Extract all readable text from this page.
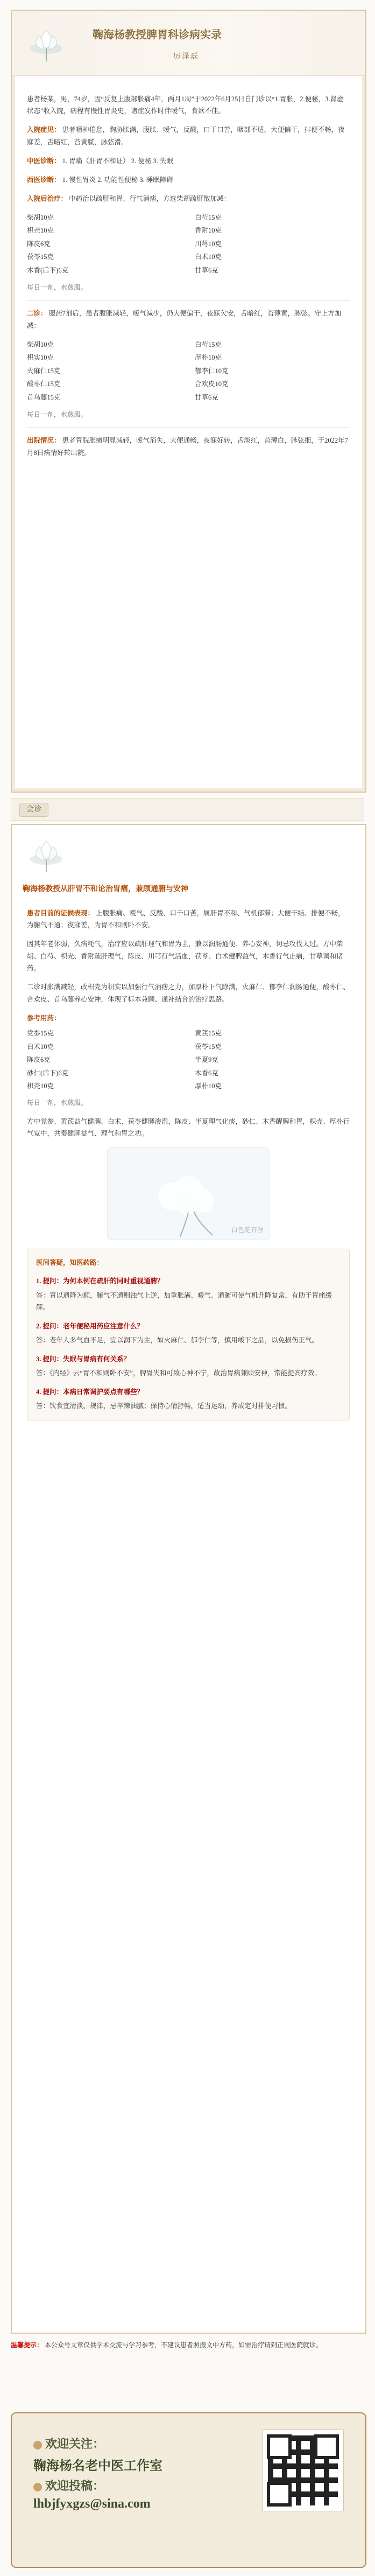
鞠海杨教授脾胃科诊病实录
厉泽磊

患者杨某，男，74岁，因“反复上腹部胀痛4年，两月1周”于2022年6月25日自门诊以“1.胃胀，2.便秘，3.肾虚状态”收入院，病程有慢性胃炎史，诸症发作时伴嗳气，食欲不佳。

入院症见： 患者精神倦怠，胸胁胀满，腹胀、嗳气，反酸，口干口苦，咽部不适，大便偏干，排便不畅，夜寐差，舌暗红，苔黄腻，脉弦滑。

中医诊断： 1. 胃痛（肝胃不和证） 2. 便秘 3. 失眠

西医诊断： 1. 慢性胃炎 2. 功能性便秘 3. 睡眠障碍

入院后治疗： 中药治以疏肝和胃、行气消痞，方选柴胡疏肝散加减：

柴胡10克	白芍15克
枳壳10克	香附10克
陈皮6克	川芎10克
茯苓15克	白术10克
木香(后下)6克	甘草6克
每日一剂，水煎服。

二诊： 服药7剂后，患者腹胀减轻，嗳气减少，仍大便偏干，夜寐欠安，舌暗红，苔薄黄，脉弦。守上方加减：

柴胡10克	白芍15克
枳实10克	厚朴10克
火麻仁15克	郁李仁10克
酸枣仁15克	合欢皮10克
首乌藤15克	甘草6克
每日一剂，水煎服。

出院情况： 患者胃脘胀痛明显减轻，嗳气消失，大便通畅，夜寐好转，舌淡红，苔薄白，脉弦细，于2022年7月8日病情好转出院。

会诊
鞠海杨教授从肝胃不和论治胃痛，兼顾通腑与安神

患者目前的证候表现： 上腹胀痛、嗳气、反酸、口干口苦，属肝胃不和、气机郁滞；大便干结、排便不畅，为腑气不通；夜寐差，为胃不和则卧不安。

因其年老体弱，久病耗气，治疗应以疏肝理气和胃为主，兼以润肠通便、养心安神，切忌攻伐太过。方中柴胡、白芍、枳壳、香附疏肝理气，陈皮、川芎行气活血，茯苓、白术健脾益气，木香行气止痛，甘草调和诸药。

二诊时胀满减轻，改枳壳为枳实以加强行气消痞之力，加厚朴下气除满，火麻仁、郁李仁润肠通便，酸枣仁、合欢皮、首乌藤养心安神，体现了标本兼顾、通补结合的治疗思路。

参考用药：
党参15克	黄芪15克
白术10克	茯苓15克
陈皮6克	半夏9克
砂仁(后下)6克	木香6克
枳壳10克	厚朴10克
每日一剂，水煎服。

方中党参、黄芪益气健脾，白术、茯苓健脾渗湿，陈皮、半夏理气化痰，砂仁、木香醒脾和胃，枳壳、厚朴行气宽中，共奏健脾益气、理气和胃之功。

白色花卉图
医间答疑，知医药路：
1. 提问：为何本例在疏肝的同时重视通腑？
答：胃以通降为顺，腑气不通则浊气上逆，加重胀满、嗳气。通腑可使气机升降复常，有助于胃痛缓解。
2. 提问：老年便秘用药应注意什么？
答：老年人多气血不足，宜以润下为主，如火麻仁、郁李仁等，慎用峻下之品，以免损伤正气。
3. 提问：失眠与胃病有何关系？
答：《内经》云“胃不和则卧不安”，脾胃失和可致心神不宁，故治胃病兼顾安神，常能提高疗效。
4. 提问：本病日常调护要点有哪些？
答：饮食宜清淡、规律，忌辛辣油腻；保持心情舒畅，适当运动，养成定时排便习惯。
温馨提示： 本公众号文章仅供学术交流与学习参考，不建议患者照搬文中方药，如需治疗请到正规医院就诊。
欢迎关注：
鞠海杨名老中医工作室
欢迎投稿：
lhbjfyxgzs@sina.com
